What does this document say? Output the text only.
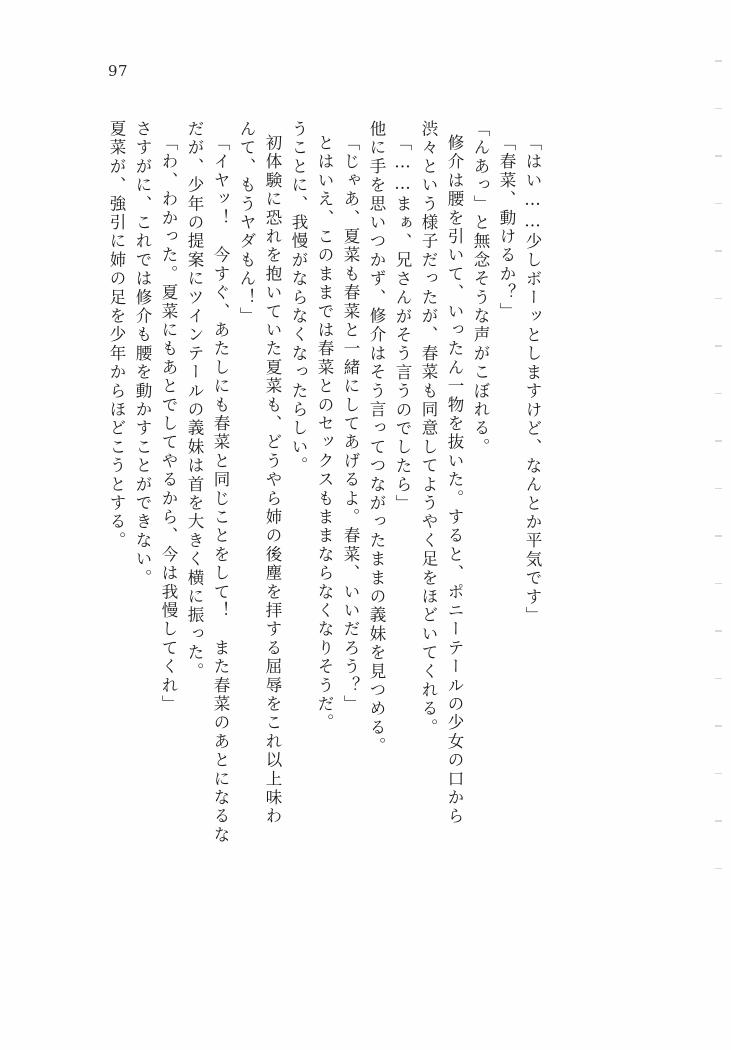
97
夏菜が、強引に姉の足を少年からほどこうとする。 さすがに、これでは修介も腰を動かすことができない。 「わ、わかった。夏菜にもあとでしてやるから、今は我慢してくれ」 だが、少年の提案にツインテールの義妹は首を大きく横に振った。 「イヤッ！　今すぐ、あたしにも春菜と同じことをして！　また春菜のあとになるな んて、もうヤダもん！」 初体験に恐れを抱いていた夏菜も、どうやら姉の後塵を拝する屈辱をこれ以上味わ うことに、我慢がならなくなったらしい。 とはいえ、このままでは春菜とのセックスもままならなくなりそうだ。 「じゃあ、夏菜も春菜と一緒にしてあげるよ。春菜、いいだろう？」 他に手を思いつかず、修介はそう言ってつながったままの義妹を見つめる。 「……まぁ、兄さんがそう言うのでしたら」 渋々という様子だったが、春菜も同意してようやく足をほどいてくれる。 修介は腰を引いて、いったん一物を抜いた。すると、ポニーテールの少女の口から 「んあっ」と無念そうな声がこぼれる。 「春菜、動けるか？」 「はい……少しボーッとしますけど、なんとか平気です」
